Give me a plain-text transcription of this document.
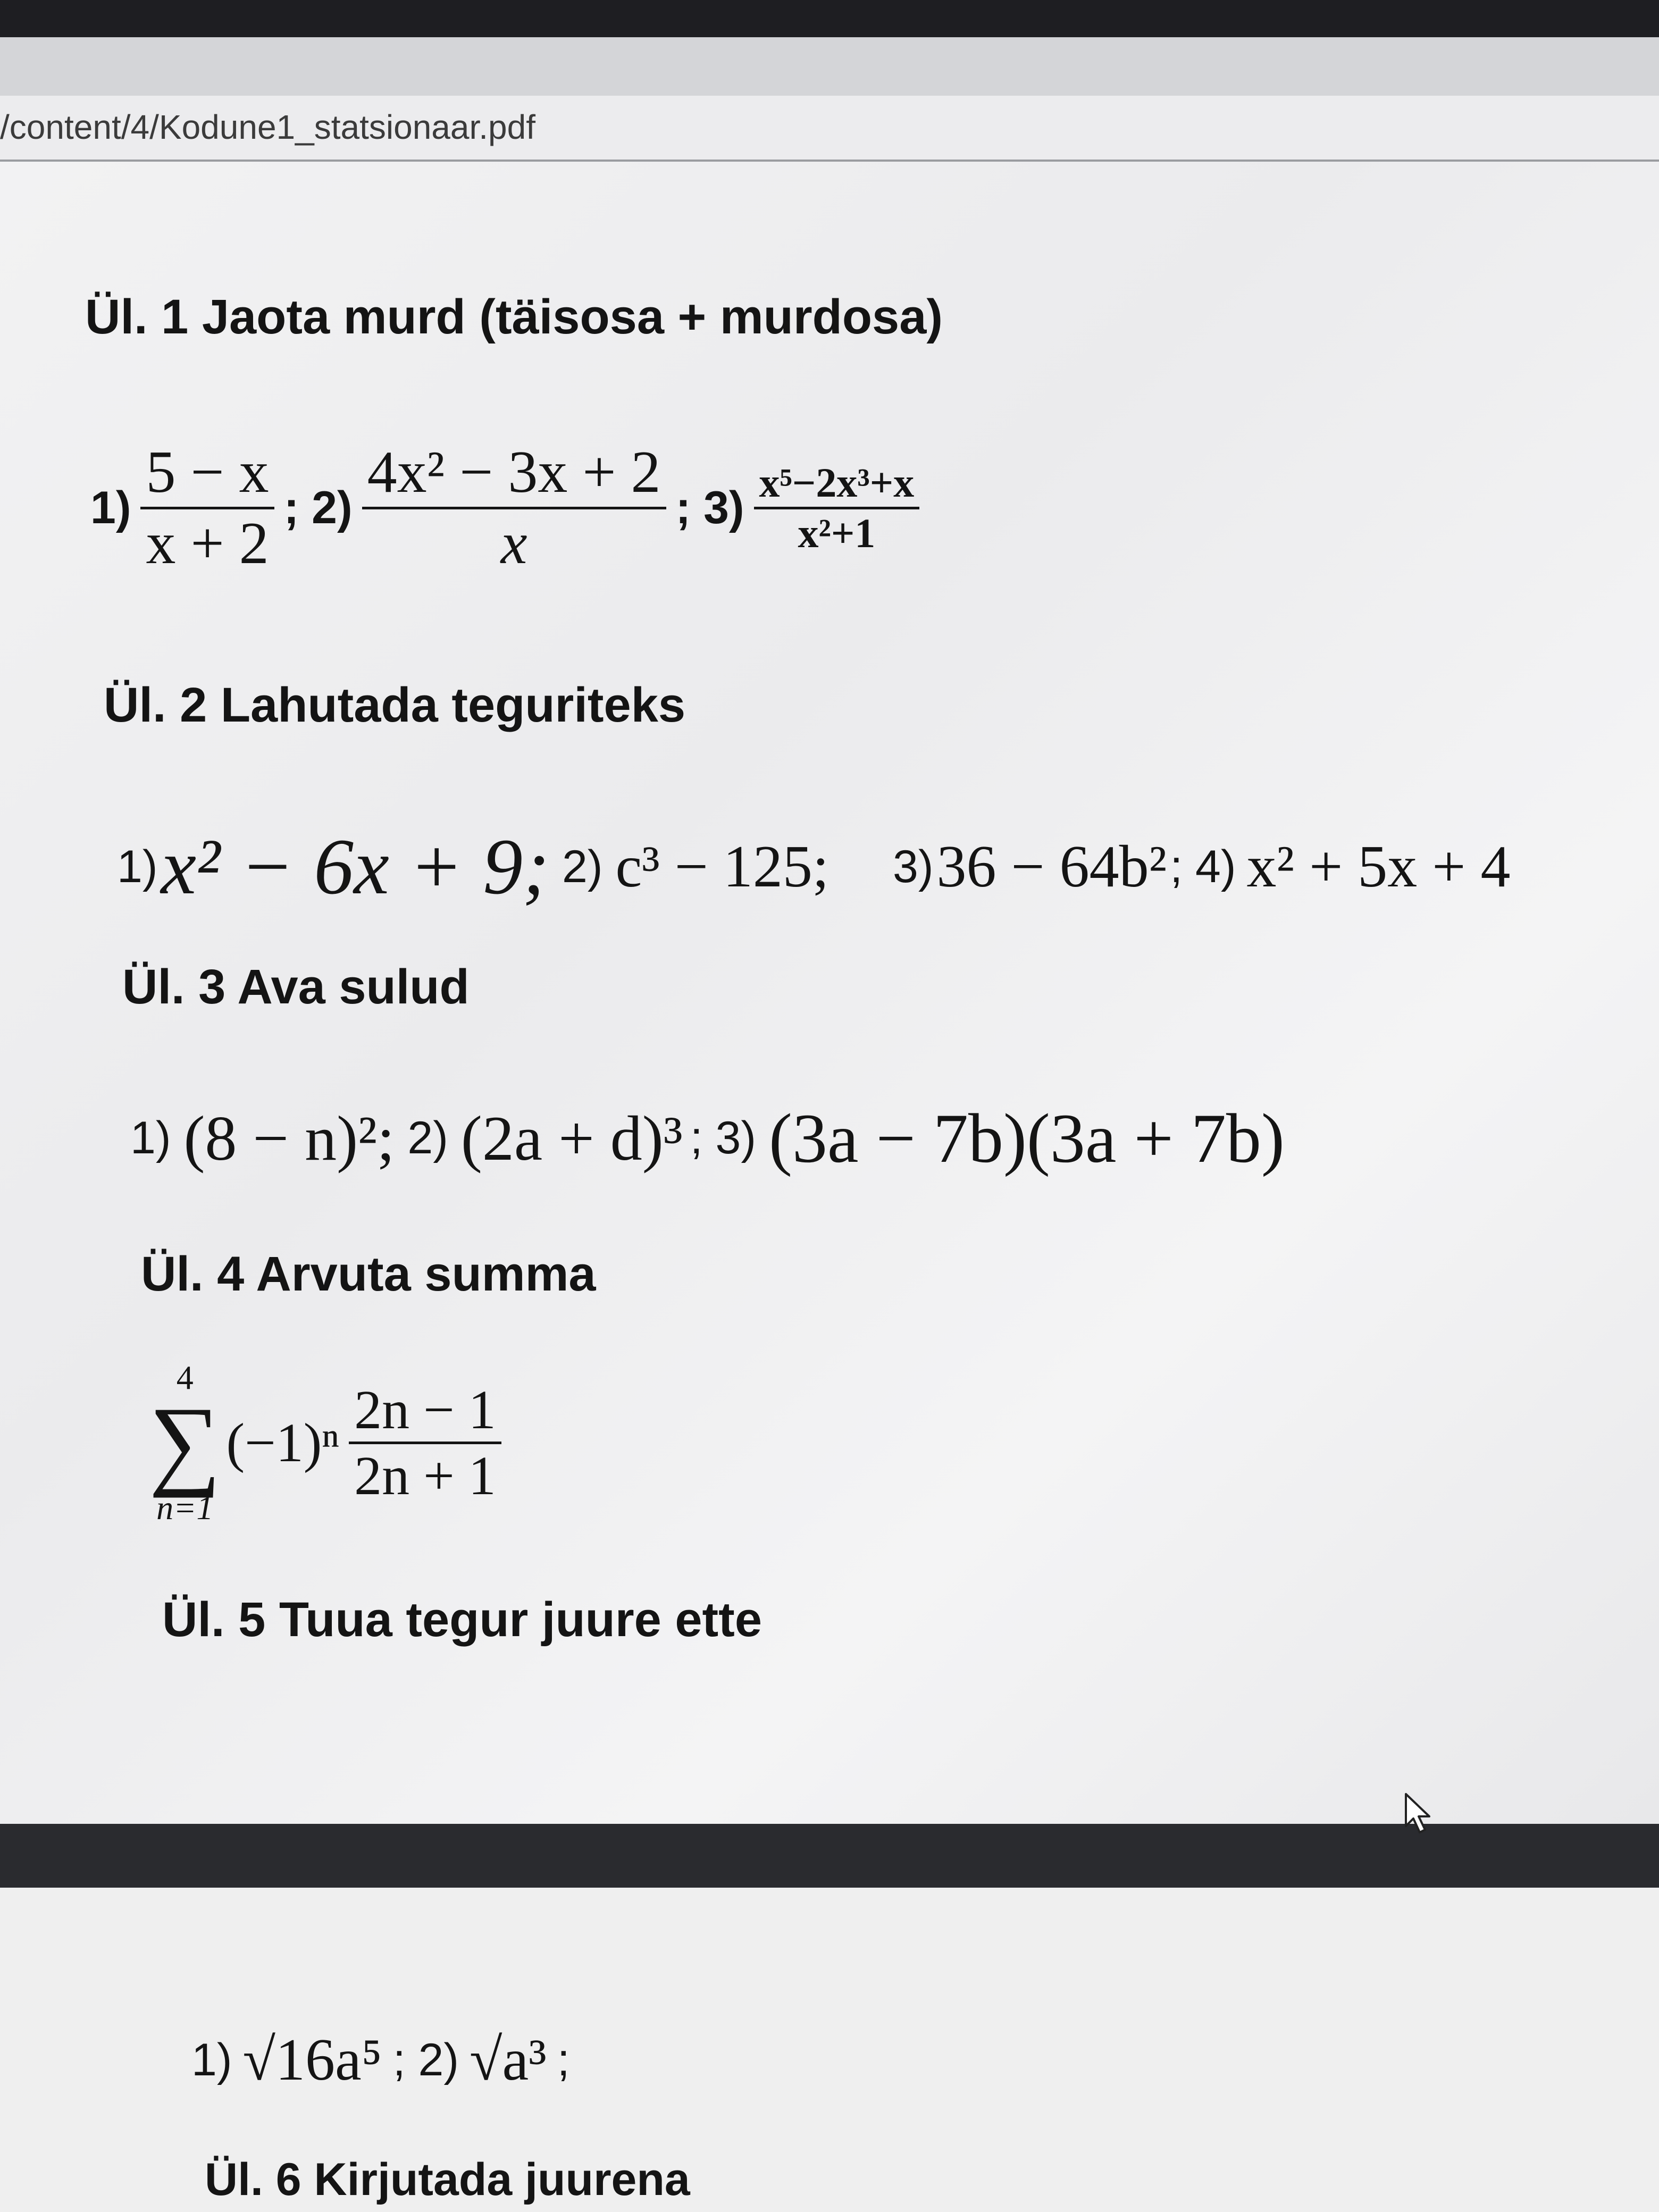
/content/4/Kodune1_statsionaar.pdf
Ül. 1 Jaota murd (täisosa + murdosa)
1)
5 − x
x + 2
; 2)
4x² − 3x + 2
x
; 3) x⁵−2x³+x
x²+1
Ül. 2 Lahutada teguriteks
1) x² − 6x + 9; 2) c³ − 125; 3) 36 − 64b² ; 4) x² + 5x + 4
Ül. 3 Ava sulud
1) (8 − n)²; 2) (2a + d)³ ; 3) (3a − 7b)(3a + 7b)
Ül. 4 Arvuta summa
4
∑
n=1
(−1)ⁿ
2n − 1
2n + 1
Ül. 5 Tuua tegur juure ette
1) √16a⁵ ; 2) √a³ ;
Ül. 6 Kirjutada juurena
